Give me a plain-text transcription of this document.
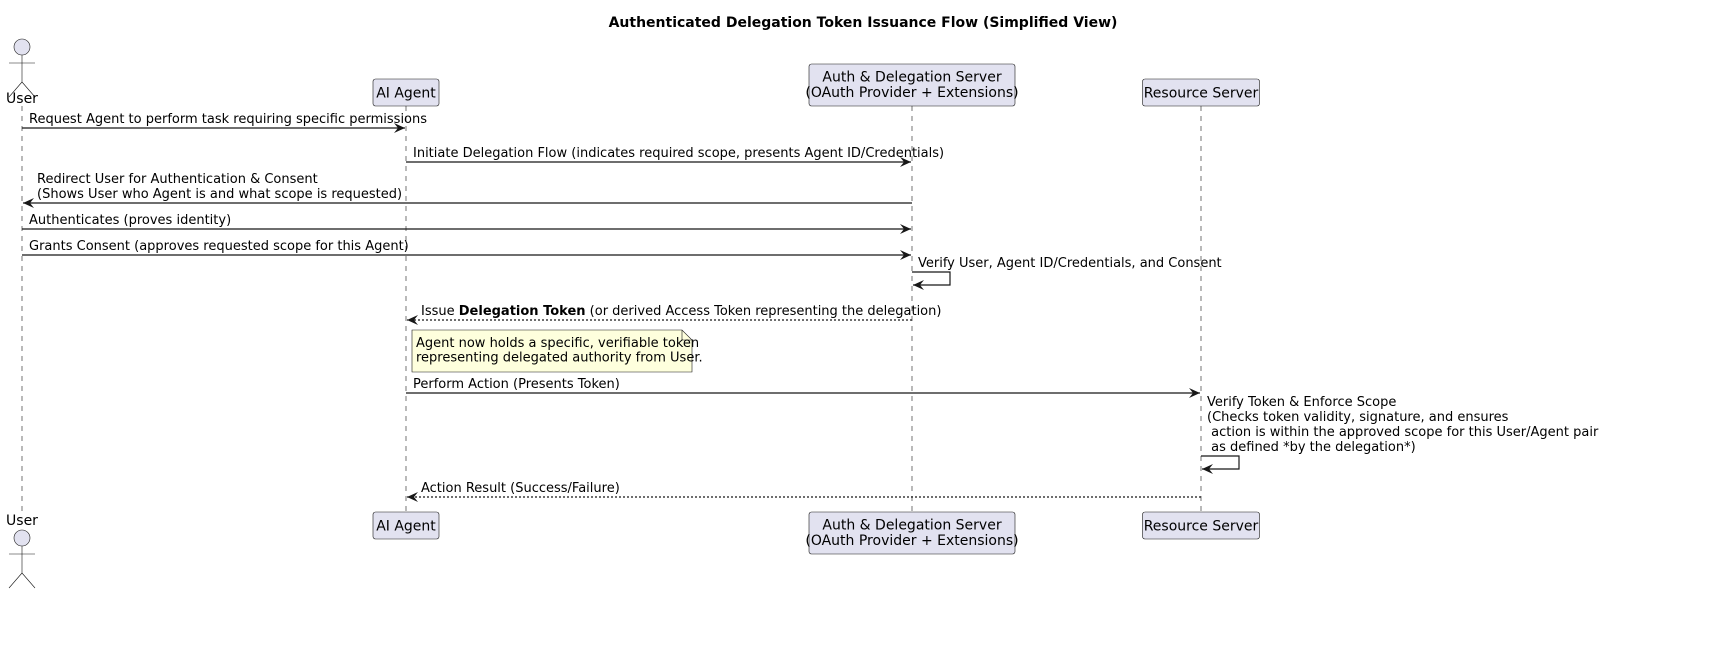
Authenticated Delegation Token Issuance Flow (Simplified View)
User	AI Agent
Auth & Delegation Server
(OAuth Provider + Extensions)	Resource Server
User	AI Agent	Auth & Delegation Server
(OAuth Provider + Extensions)
Resource Server
Request Agent to perform task requiring specific permissions
Initiate Delegation Flow (indicates required scope, presents Agent ID/Credentials)
Redirect User for Authentication & Consent
(Shows User who Agent is and what scope is requested)
Authenticates (proves identity)
Grants Consent (approves requested scope for this Agent)
Verify User, Agent ID/Credentials, and Consent
Issue Delegation Token (or derived Access Token representing the delegation)
Perform Action (Presents Token)
Verify Token & Enforce Scope
(Checks token validity, signature, and ensures
action is within the approved scope for this User/Agent pair
as defined *by the delegation*)
Action Result (Success/Failure)
Agent now holds a specific, verifiable token
representing delegated authority from User.
